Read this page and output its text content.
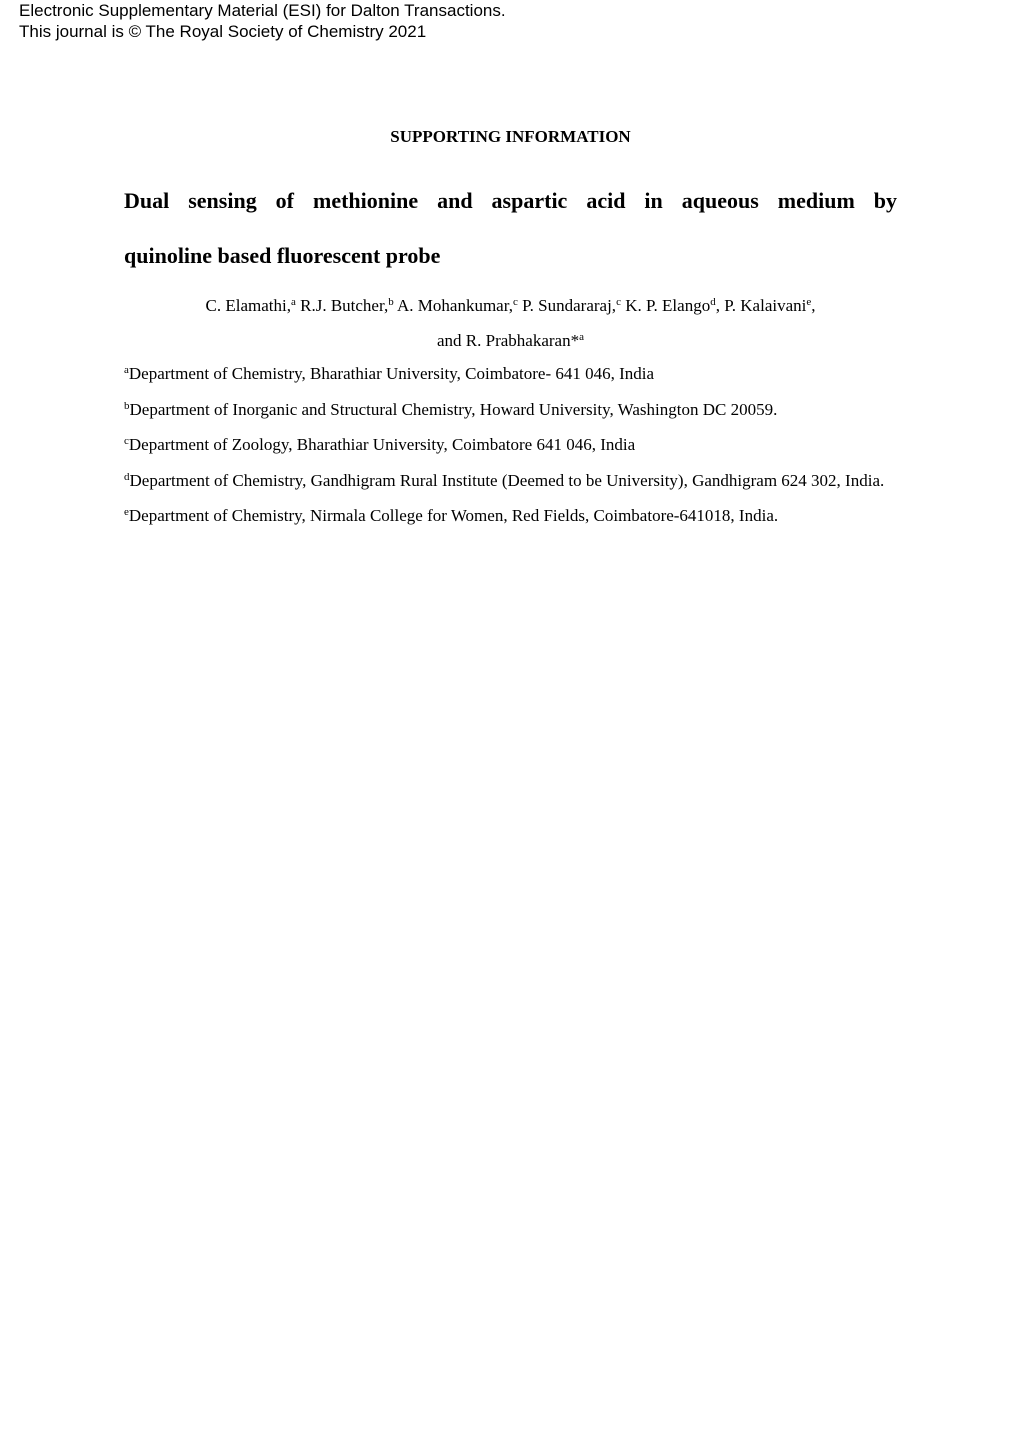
Electronic Supplementary Material (ESI) for Dalton Transactions.
This journal is © The Royal Society of Chemistry 2021
SUPPORTING INFORMATION
Dual sensing of methionine and aspartic acid in aqueous medium by
quinoline based fluorescent probe
C. Elamathi,$^a$ R.J. Butcher,$^b$ A. Mohankumar,$^c$ P. Sundararaj,$^c$ K. P. Elango$^d$, P. Kalaivani$^e$,
and R. Prabhakaran*$^a$
$^a$Department of Chemistry, Bharathiar University, Coimbatore- 641 046, India
$^b$Department of Inorganic and Structural Chemistry, Howard University, Washington DC 20059.
$^c$Department of Zoology, Bharathiar University, Coimbatore 641 046, India
$^d$Department of Chemistry, Gandhigram Rural Institute (Deemed to be University), Gandhigram 624 302, India.
$^e$Department of Chemistry, Nirmala College for Women, Red Fields, Coimbatore-641018, India.
